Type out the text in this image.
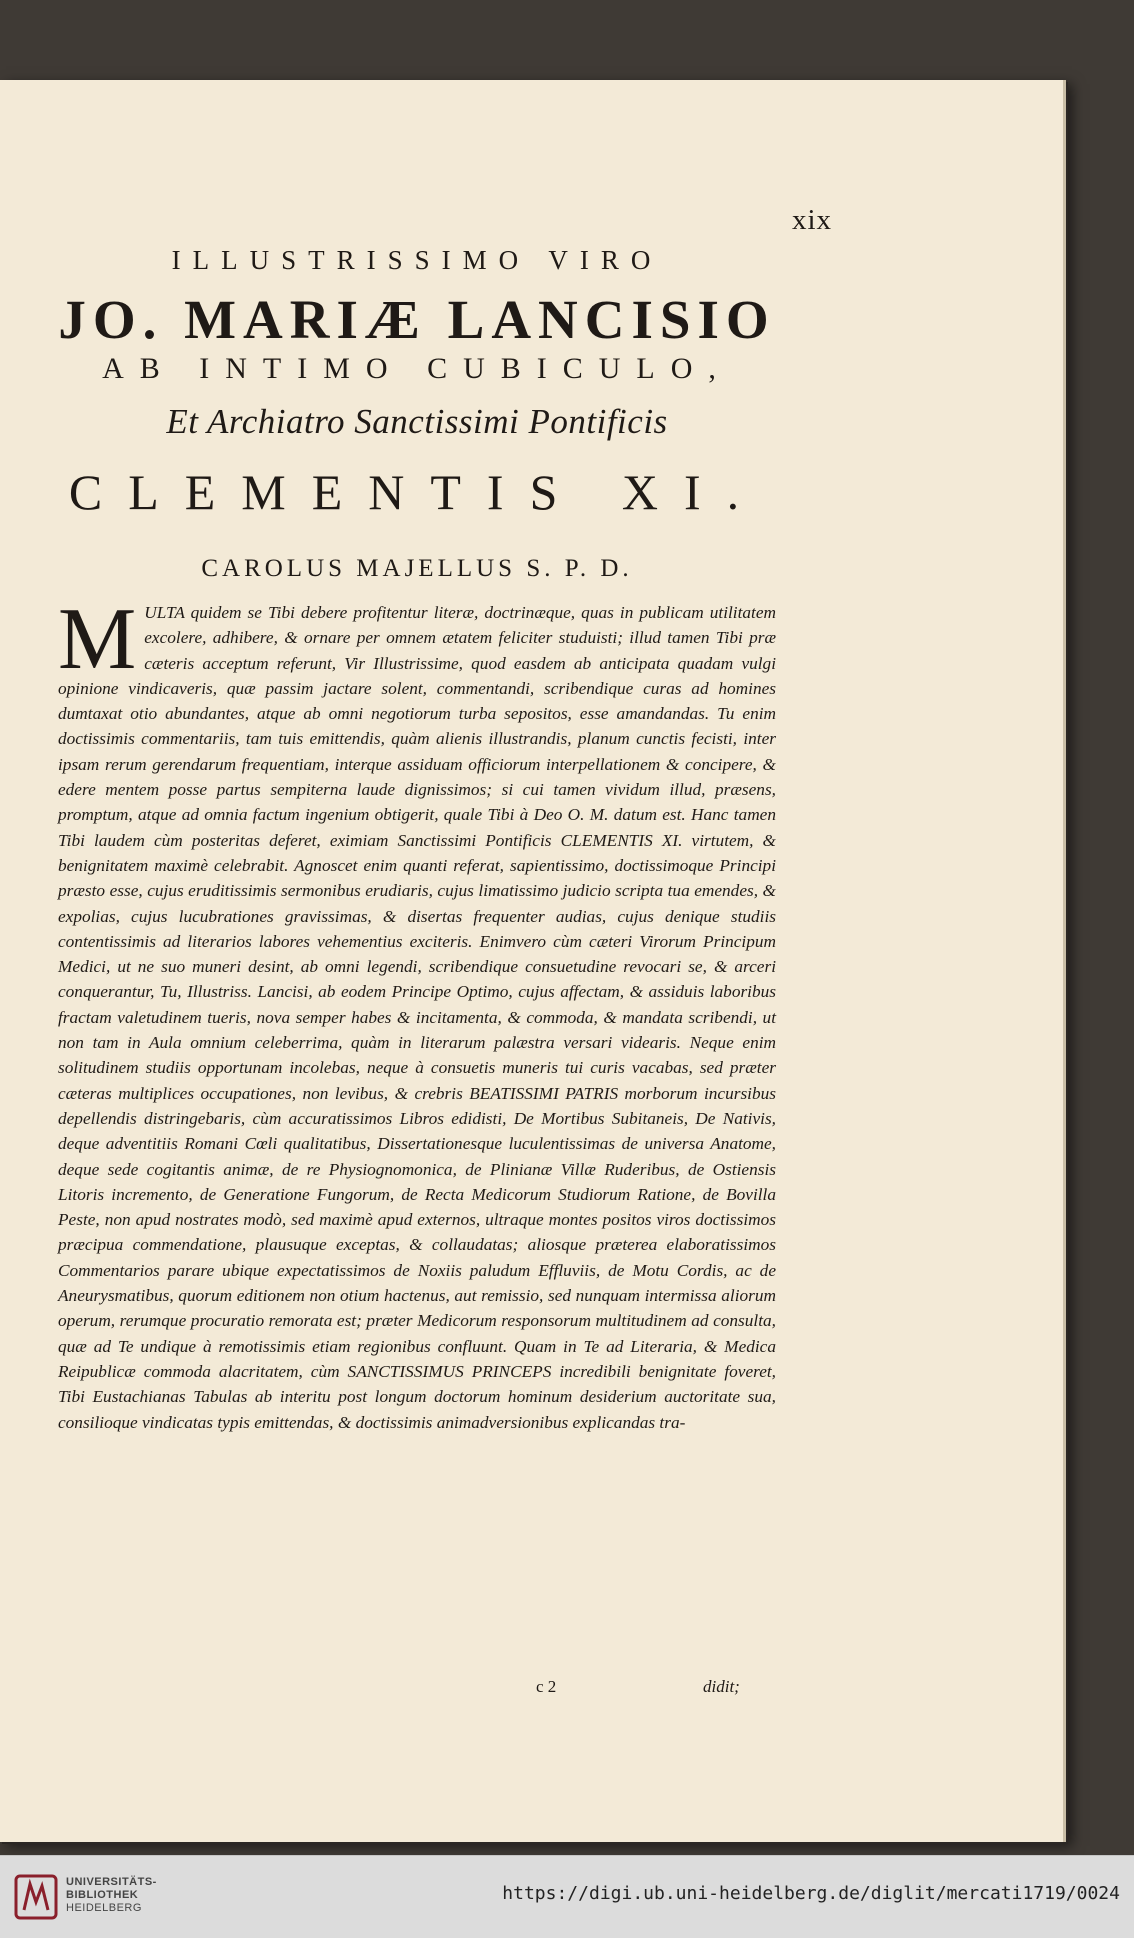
xix
ILLUSTRISSIMO VIRO
JO. MARIÆ LANCISIO
AB INTIMO CUBICULO,
Et Archiatro Sanctissimi Pontificis
CLEMENTIS XI.
CAROLUS MAJELLUS S. P. D.
M ULTA quidem se Tibi debere profitentur literæ, doctrinæque, quas in publicam utilitatem excolere, adhibere, & ornare per omnem ætatem feliciter studuisti; illud tamen Tibi præ cæteris acceptum referunt, Vir Illustrissime, quod easdem ab anticipata quadam vulgi opinione vindicaveris, quæ passim jactare solent, commentandi, scribendique curas ad homines dumtaxat otio abundantes, atque ab omni negotiorum turba sepositos, esse amandandas. Tu enim doctissimis commentariis, tam tuis emittendis, quàm alienis illustrandis, planum cunctis fecisti, inter ipsam rerum gerendarum frequentiam, interque assiduam officiorum interpellationem & concipere, & edere mentem posse partus sempiterna laude dignissimos; si cui tamen vividum illud, præsens, promptum, atque ad omnia factum ingenium obtigerit, quale Tibi à Deo O. M. datum est. Hanc tamen Tibi laudem cùm posteritas deferet, eximiam Sanctissimi Pontificis CLEMENTIS XI. virtutem, & benignitatem maximè celebrabit. Agnoscet enim quanti referat, sapientissimo, doctissimoque Principi præsto esse, cujus eruditissimis sermonibus erudiaris, cujus limatissimo judicio scripta tua emendes, & expolias, cujus lucubrationes gravissimas, & disertas frequenter audias, cujus denique studiis contentissimis ad literarios labores vehementius exciteris. Enimvero cùm cæteri Virorum Principum Medici, ut ne suo muneri desint, ab omni legendi, scribendique consuetudine revocari se, & arceri conquerantur, Tu, Illustriss. Lancisi, ab eodem Principe Optimo, cujus affectam, & assiduis laboribus fractam valetudinem tueris, nova semper habes & incitamenta, & commoda, & mandata scribendi, ut non tam in Aula omnium celeberrima, quàm in literarum palæstra versari videaris. Neque enim solitudinem studiis opportunam incolebas, neque à consuetis muneris tui curis vacabas, sed præter cæteras multiplices occupationes, non levibus, & crebris BEATISSIMI PATRIS morborum incursibus depellendis distringebaris, cùm accuratissimos Libros edidisti, De Mortibus Subitaneis, De Nativis, deque adventitiis Romani Cœli qualitatibus, Dissertationesque luculentissimas de universa Anatome, deque sede cogitantis animæ, de re Physiognomonica, de Plinianæ Villæ Ruderibus, de Ostiensis Litoris incremento, de Generatione Fungorum, de Recta Medicorum Studiorum Ratione, de Bovilla Peste, non apud nostrates modò, sed maximè apud externos, ultraque montes positos viros doctissimos præcipua commendatione, plausuque exceptas, & collaudatas; aliosque præterea elaboratissimos Commentarios parare ubique expectatissimos de Noxiis paludum Effluviis, de Motu Cordis, ac de Aneurysmatibus, quorum editionem non otium hactenus, aut remissio, sed nunquam intermissa aliorum operum, rerumque procuratio remorata est; præter Medicorum responsorum multitudinem ad consulta, quæ ad Te undique à remotissimis etiam regionibus confluunt. Quam in Te ad Literaria, & Medica Reipublicæ commoda alacritatem, cùm SANCTISSIMUS PRINCEPS incredibili benignitate foveret, Tibi Eustachianas Tabulas ab interitu post longum doctorum hominum desiderium auctoritate sua, consilioque vindicatas typis emittendas, & doctissimis animadversionibus explicandas tra-

c 2	didit;
UNIVERSITÄTS-
BIBLIOTHEK
HEIDELBERG
https://digi.ub.uni-heidelberg.de/diglit/mercati1719/0024
